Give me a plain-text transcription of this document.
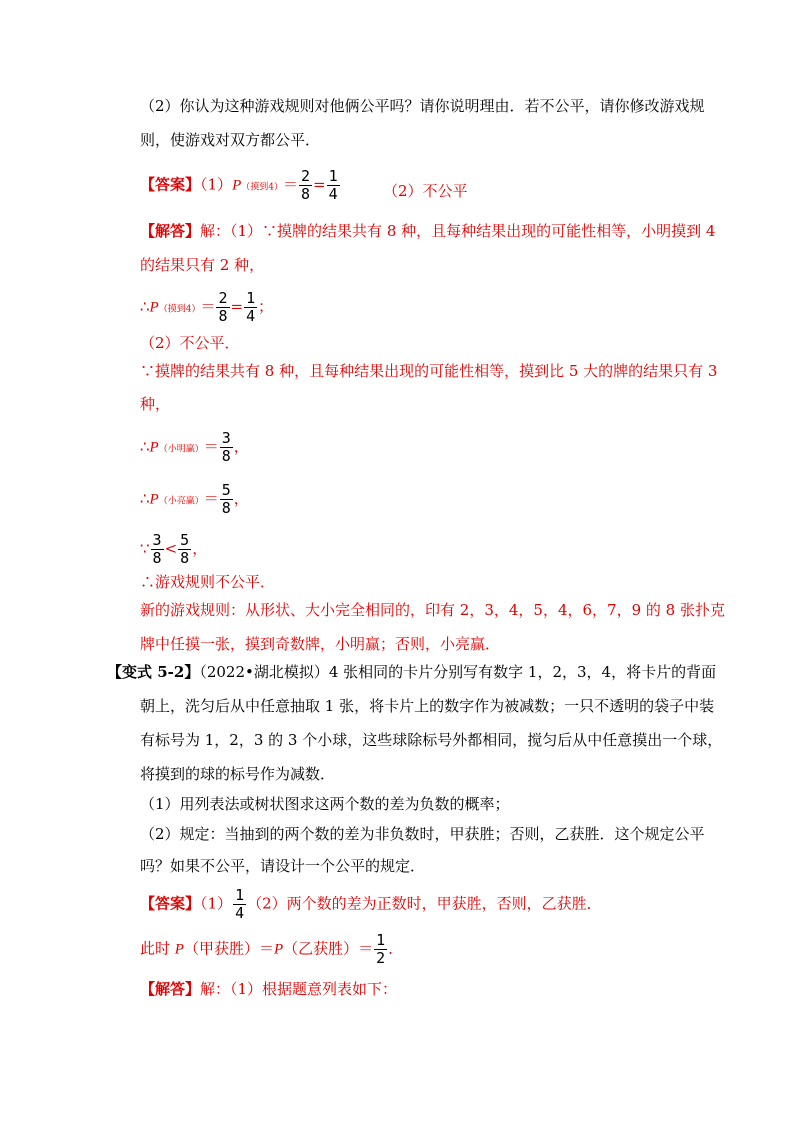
（2）你认为这种游戏规则对他俩公平吗？请你说明理由．若不公平，请你修改游戏规
则，使游戏对双方都公平．
【答案】（1）P（摸到$4)= \frac{2}{8} = \frac{1}{4}$	（2）不公平
【解答】解：（1）∵摸牌的结果共有 8 种，且每种结果出现的可能性相等，小明摸到 4
的结果只有 2 种，
∴P（摸到$4)= \frac{2}{8} = \frac{1}{4}$ ；
（2）不公平．
∵摸牌的结果共有 8 种，且每种结果出现的可能性相等，摸到比 5 大的牌的结果只有 3
种，
∴P（小明赢）＝ $\frac{3}{8}$ ，
∴P（小亮赢）＝ $\frac{5}{8}$ ，
∵ $\frac{3}{8} < \frac{5}{8}$ ，
∴游戏规则不公平．
新的游戏规则：从形状、大小完全相同的，印有 2，3，4，5，4，6，7，9 的 8 张扑克
牌中任摸一张，摸到奇数牌，小明赢；否则，小亮赢．
【变式 5-2】（2022•湖北模拟）4 张相同的卡片分别写有数字 1，2，3，4，将卡片的背面
朝上，洗匀后从中任意抽取 1 张，将卡片上的数字作为被减数；一只不透明的袋子中装
有标号为 1，2，3 的 3 个小球，这些球除标号外都相同，搅匀后从中任意摸出一个球，
将摸到的球的标号作为减数．
（1）用列表法或树状图求这两个数的差为负数的概率；
（2）规定：当抽到的两个数的差为非负数时，甲获胜；否则，乙获胜．这个规定公平
吗？如果不公平，请设计一个公平的规定．
【答案】$(1) \frac{1}{4} (2)$两个数的差为正数时，甲获胜，否则，乙获胜．
此时 P（甲获胜）＝P（乙获胜）＝ $\frac{1}{2}$ ．
【解答】解：（1）根据题意列表如下：
